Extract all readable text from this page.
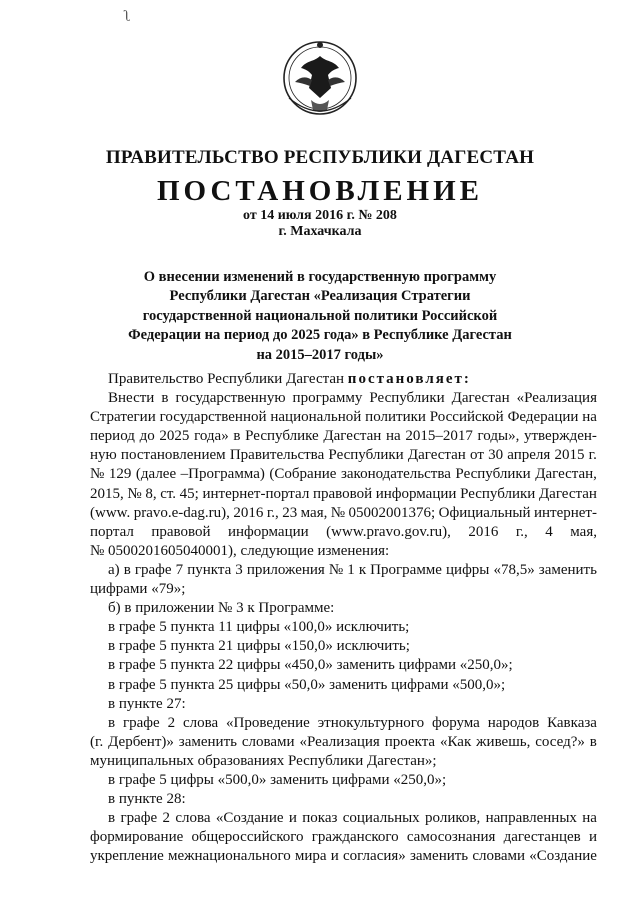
ʅ
ПРАВИТЕЛЬСТВО РЕСПУБЛИКИ ДАГЕСТАН
ПОСТАНОВЛЕНИЕ
от 14 июля 2016 г. № 208
г. Махачкала
О внесении изменений в государственную программу
Республики Дагестан «Реализация Стратегии
государственной национальной политики Российской
Федерации на период до 2025 года» в Республике Дагестан
на 2015–2017 годы»
Правительство Республики Дагестан постановляет:
Внести в государственную программу Республики Дагестан «Реализация
Стратегии государственной национальной политики Российской Федерации на
период до 2025 года» в Республике Дагестан на 2015–2017 годы», утвержден-
ную постановлением Правительства Республики Дагестан от 30 апреля 2015 г.
№ 129 (далее –Программа) (Собрание законодательства Республики Дагестан,
2015, № 8, ст. 45; интернет-портал правовой информации Республики Дагестан
(www. pravo.e-dag.ru), 2016 г., 23 мая, № 05002001376; Официальный интернет-
портал правовой информации (www.pravo.gov.ru), 2016 г., 4 мая,
№ 0500201605040001), следующие изменения:
а) в графе 7 пункта 3 приложения № 1 к Программе цифры «78,5» заменить
цифрами «79»;
б) в приложении № 3 к Программе:
в графе 5 пункта 11 цифры «100,0» исключить;
в графе 5 пункта 21 цифры «150,0» исключить;
в графе 5 пункта 22 цифры «450,0» заменить цифрами «250,0»;
в графе 5 пункта 25 цифры «50,0» заменить цифрами «500,0»;
в пункте 27:
в графе 2 слова «Проведение этнокультурного форума народов Кавказа
(г. Дербент)» заменить словами «Реализация проекта «Как живешь, сосед?» в
муниципальных образованиях Республики Дагестан»;
в графе 5 цифры «500,0» заменить цифрами «250,0»;
в пункте 28:
в графе 2 слова «Создание и показ социальных роликов, направленных на
формирование общероссийского гражданского самосознания дагестанцев и
укрепление межнационального мира и согласия» заменить словами «Создание
